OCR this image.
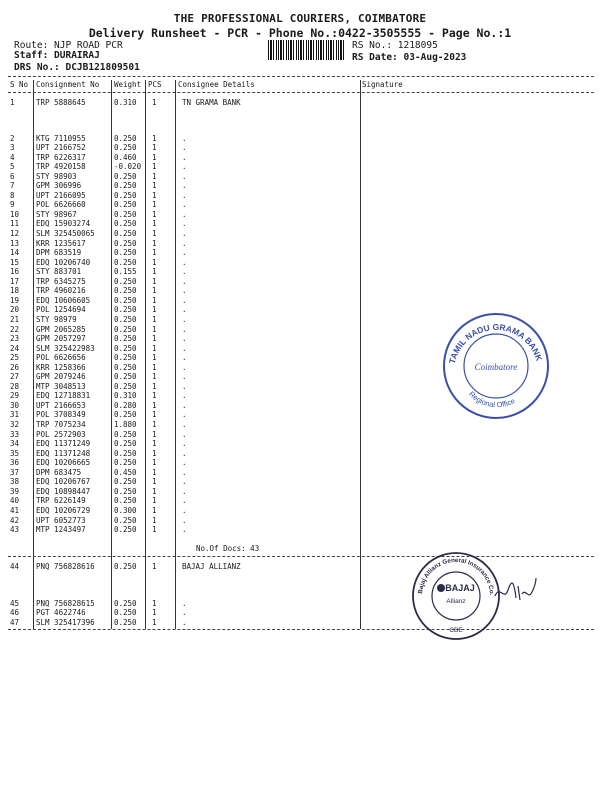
THE PROFESSIONAL COURIERS, COIMBATORE
Delivery Runsheet - PCR - Phone No.:0422-3505555 - Page No.:1
Route: NJP ROAD PCR
Staff: DURAIRAJ
DRS No.: DCJB121809501
RS No.: 1218095
RS Date: 03-Aug-2023
S No Consignment No Weight PCS Consignee Details	Signature
1	TRP 5888645	0.310 1	TN GRAMA BANK
2	KTG 7110955	0.250 1	.
3	UPT 2166752	0.250 1	.
4	TRP 6226317	0.460 1	.
5	TRP 4920158	-0.020 1	.
6	STY 98903	0.250 1	.
7	GPM 306996	0.250 1	.
8	UPT 2166095	0.250 1	.
9	POL 6626660	0.250 1	.
10 STY 98967	0.250 1	.
11 EDQ 15903274	0.250 1	.
12 SLM 325450065	0.250 1	.
13 KRR 1235617	0.250 1	.
14 DPM 683519	0.250 1	.
15 EDQ 10206740	0.250 1	.
16 STY 883701	0.155 1	.
17 TRP 6345275	0.250 1	.
18 TRP 4960216	0.250 1	.
19 EDQ 10606605	0.250 1	.
20 POL 1254694	0.250 1	.
21 STY 98979	0.250 1	.
22 GPM 2065285	0.250 1	.
23 GPM 2057297	0.250 1	.
24 SLM 325422983	0.250 1	.
25 POL 6626656	0.250 1	.
26 KRR 1258366	0.250 1	.
27 GPM 2079246	0.250 1	.
28 MTP 3048513	0.250 1	.
29 EDQ 12718831	0.310 1	.
30 UPT 2166653	0.280 1	.
31 POL 3708349	0.250 1	.
32 TRP 7075234	1.880 1	.
33 POL 2572903	0.250 1	.
34 EDQ 11371249	0.250 1	.
35 EDQ 11371248	0.250 1	.
36 EDQ 10206665	0.250 1	.
37 DPM 683475	0.450 1	.
38 EDQ 10206767	0.250 1	.
39 EDQ 10898447	0.250 1	.
40 TRP 6226149	0.250 1	.
41 EDQ 10206729	0.300 1	.
42 UPT 6052773	0.250 1	.
43 MTP 1243497	0.250 1	.
No.Of Docs: 43
TAMIL NADU GRAMA BANK
Regional Office
Coimbatore
44 PNQ 756828616	0.250 1	BAJAJ ALLIANZ
45 PNQ 756828615	0.250 1	.
46 PGT 4622746	0.250 1	.
47 SLM 325417396	0.250 1	.
Bajaj Allianz General Insurance Co.
BAJAJ
Allianz
CBE
